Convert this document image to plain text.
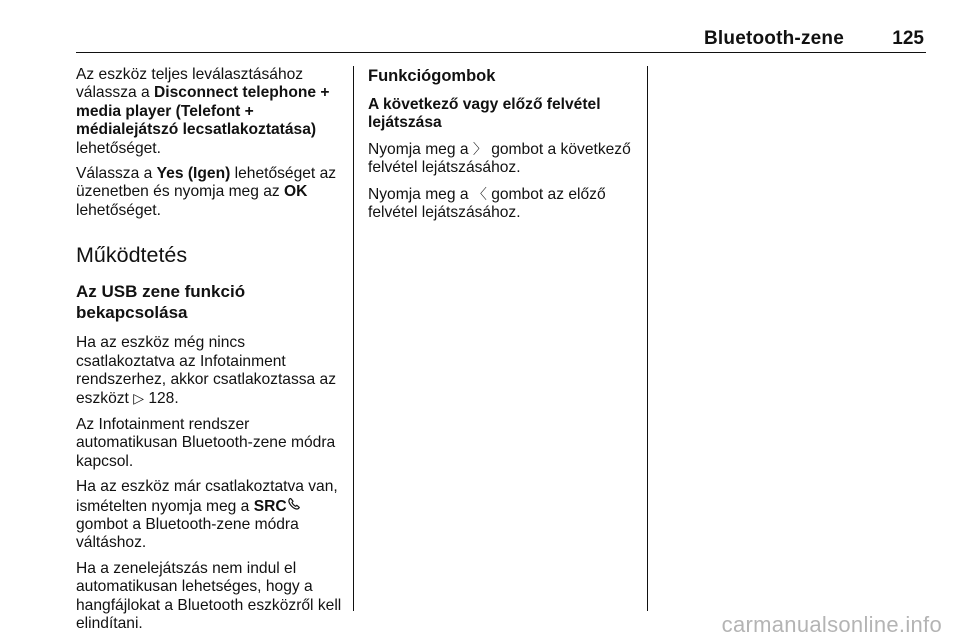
Bluetooth-zene	125

Az eszköz teljes leválasztásához válassza a Disconnect telephone + media player (Telefont + médialejátszó lecsatlakoztatása) lehetőséget.

Válassza a Yes (Igen) lehetőséget az üzenetben és nyomja meg az OK lehetőséget.

Működtetés
Az USB zene funkció bekapcsolása

Ha az eszköz még nincs csatlakoztatva az Infotainment rendszerhez, akkor csatlakoztassa az eszközt ▷ 128.

Az Infotainment rendszer automatikusan Bluetooth-zene módra kapcsol.

Ha az eszköz már csatlakoztatva van, ismételten nyomja meg a SRC gombot a Bluetooth-zene módra váltáshoz.

Ha a zenelejátszás nem indul el automatikusan lehetséges, hogy a hangfájlokat a Bluetooth eszközről kell elindítani.

Funkciógombok

A következő vagy előző felvétel lejátszása

Nyomja meg a 〉 gombot a következő felvétel lejátszásához.

Nyomja meg a 〈 gombot az előző felvétel lejátszásához.

carmanualsonline.info
